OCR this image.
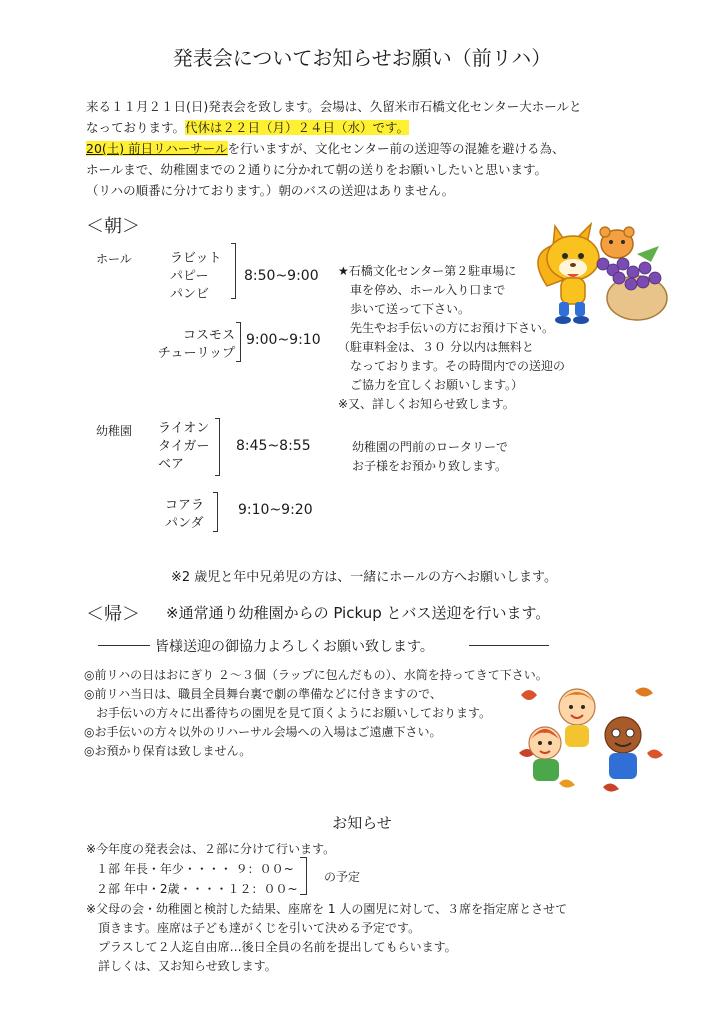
発表会についてお知らせお願い（前リハ）
来る１１月２１日(日)発表会を致します。会場は、久留米市石橋文化センター大ホールと
なっております。代休は２２日（月）２４日（水）です。
20(土) 前日リハーサールを行いますが、文化センター前の送迎等の混雑を避ける為、
ホールまで、幼稚園までの２通りに分かれて朝の送りをお願いしたいと思います。
（リハの順番に分けております。）朝のバスの送迎はありません。
＜朝＞
ホール	ラビット
パピー
パンビ
8:50~9:00
コスモス
チューリップ
9:00~9:10
★石橋文化センター第２駐車場に
　車を停め、ホール入り口まで
　歩いて送って下さい。
　先生やお手伝いの方にお預け下さい。
（駐車料金は、３０ 分以内は無料と
　なっております。その時間内での送迎の
　ご協力を宜しくお願いします。）
※又、詳しくお知らせ致します。
幼稚園 ライオン
タイガー
ベア
8:45~8:55	幼稚園の門前のロータリーで
お子様をお預かり致します。
コアラ
パンダ
9:10~9:20
※2 歳児と年中兄弟児の方は、一緒にホールの方へお願いします。
＜帰＞ ※通常通り幼稚園からの Pickup とバス送迎を行います。
皆様送迎の御協力よろしくお願い致します。
◎前リハの日はおにぎり ２～３個（ラップに包んだもの）、水筒を持ってきて下さい。
◎前リハ当日は、職員全員舞台裏で劇の準備などに付きますので、
　お手伝いの方々に出番待ちの園児を見て頂くようにお願いしております。
◎お手伝いの方々以外のリハーサル会場への入場はご遠慮下さい。
◎お預かり保育は致しません。
お知らせ
※今年度の発表会は、２部に分けて行います。
１部 年長・年少・・・・ ９：００~
２部 年中・2歳・・・・１２：００~
の予定
※父母の会・幼稚園と検討した結果、座席を 1 人の園児に対して、３席を指定席とさせて
　頂きます。座席は子ども達がくじを引いて決める予定です。
　プラスして２人迄自由席…後日全員の名前を提出してもらいます。
　詳しくは、又お知らせ致します。
